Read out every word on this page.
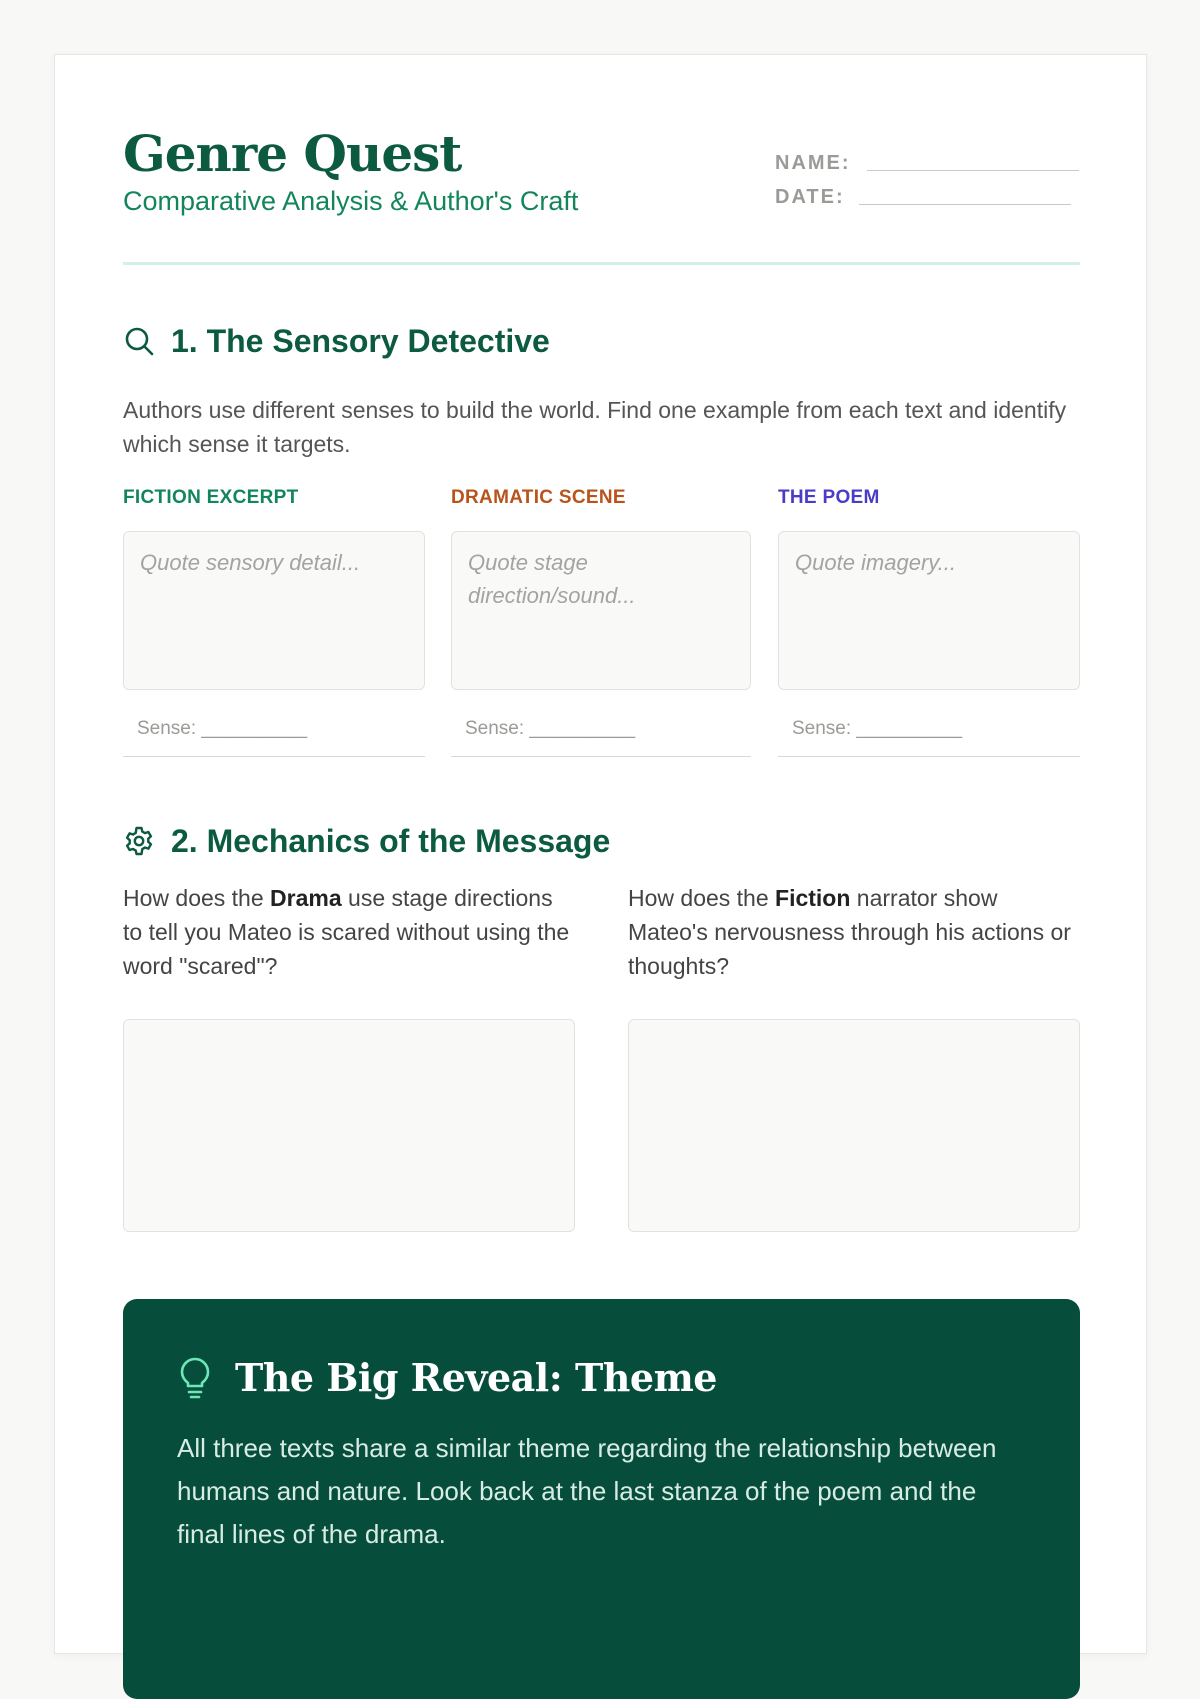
Genre Quest
Comparative Analysis & Author's Craft
NAME:
DATE:
1. The Sensory Detective
Authors use different senses to build the world. Find one example from each text and identify which sense it targets.
FICTION EXCERPT
Quote sensory detail...
Sense: __________
DRAMATIC SCENE
Quote stage direction/sound...
Sense: __________
THE POEM
Quote imagery...
Sense: __________
2. Mechanics of the Message
How does the Drama use stage directions to tell you Mateo is scared without using the word "scared"?
How does the Fiction narrator show Mateo's nervousness through his actions or thoughts?
The Big Reveal: Theme
All three texts share a similar theme regarding the relationship between humans and nature. Look back at the last stanza of the poem and the final lines of the drama.
